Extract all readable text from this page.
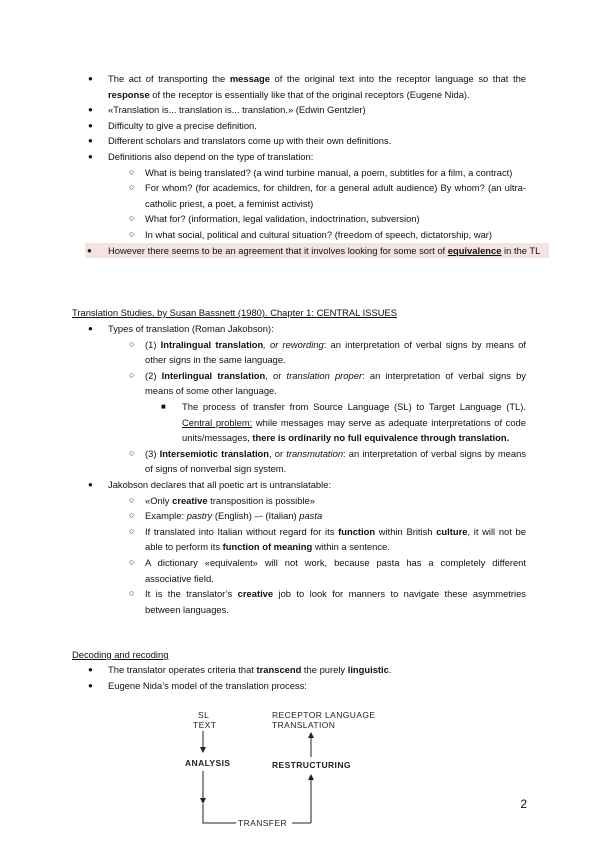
● The act of transporting the message of the original text into the receptor language so that the response of the receptor is essentially like that of the original receptors (Eugene Nida).
● «Translation is... translation is... translation.» (Edwin Gentzler)
● Difficulty to give a precise definition.
● Different scholars and translators come up with their own definitions.
● Definitions also depend on the type of translation:
○ What is being translated? (a wind turbine manual, a poem, subtitles for a film, a contract)
○ For whom? (for academics, for children, for a general adult audience) By whom? (an ultra-catholic priest, a poet, a feminist activist)
○ What for? (information, legal validation, indoctrination, subversion)
○ In what social, political and cultural situation? (freedom of speech, dictatorship, war)
● However there seems to be an agreement that it involves looking for some sort of equivalence in the TL
Translation Studies, by Susan Bassnett (1980). Chapter 1: CENTRAL ISSUES
● Types of translation (Roman Jakobson):
○ (1) Intralingual translation, or rewording: an interpretation of verbal signs by means of other signs in the same language.
○ (2) Interlingual translation, or translation proper: an interpretation of verbal signs by means of some other language.
■ The process of transfer from Source Language (SL) to Target Language (TL). Central problem: while messages may serve as adequate interpretations of code units/messages, there is ordinarily no full equivalence through translation.
○ (3) Intersemiotic translation, or transmutation: an interpretation of verbal signs by means of signs of nonverbal sign system.
● Jakobson declares that all poetic art is untranslatable:
○ «Only creative transposition is possible»
○ Example: pastry (English) –- (Italian) pasta
○ If translated into Italian without regard for its function within British culture, it will not be able to perform its function of meaning within a sentence.
○ A dictionary «equivalent» will not work, because pasta has a completely different associative field.
○ It is the translator’s creative job to look for manners to navigate these asymmetries between languages.
Decoding and recoding
● The translator operates criteria that transcend the purely linguistic.
● Eugene Nida’s model of the translation process:
SL
TEXT
RECEPTOR LANGUAGE
TRANSLATION
ANALYSIS	RESTRUCTURING
TRANSFER
2
